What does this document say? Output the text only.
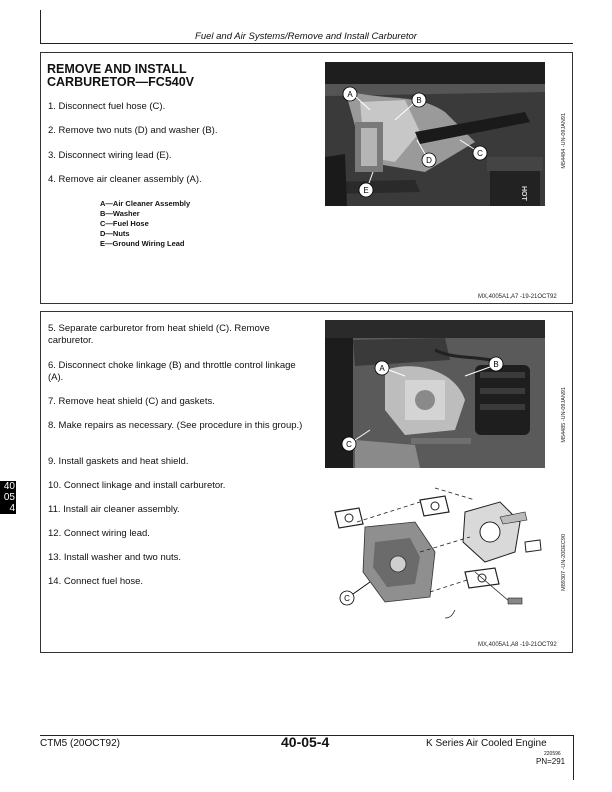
Fuel and Air Systems/Remove and Install Carburetor
REMOVE AND INSTALL
CARBURETOR—FC540V
1. Disconnect fuel hose (C).
2. Remove two nuts (D) and washer (B).
3. Disconnect wiring lead (E).
4. Remove air cleaner assembly (A).
A—Air Cleaner Assembly
B—Washer
C—Fuel Hose
D—Nuts
E—Ground Wiring Lead
HOT
A
B
C
D
E
M54484 -UN-09JAN91
MX,4005A1,A7 -19-21OCT92
5. Separate carburetor from heat shield (C). Remove carburetor.
6. Disconnect choke linkage (B) and throttle control linkage (A).
7. Remove heat shield (C) and gaskets.
8. Make repairs as necessary. (See procedure in this group.)
9. Install gaskets and heat shield.
10. Connect linkage and install carburetor.
11. Install air cleaner assembly.
12. Connect wiring lead.
13. Install washer and two nuts.
14. Connect fuel hose.
A	B
C
M54485 -UN-09JAN91
C
M89307 -UN-20DEC90
MX,4005A1,A8 -19-21OCT92
40
05
4
CTM5 (20OCT92)	40-05-4	K Series Air Cooled Engine
220596
PN=291
